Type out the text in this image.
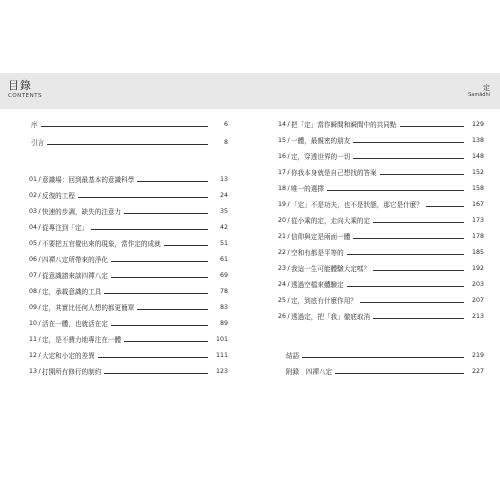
目錄
CONTENTS
定
Samādhi
序	6
引言	8
01 / 意識場：回到最基本的意識科學	13
02 / 反復的工程	24
03 / 快速的步調，缺失的注意力	35
04 / 從專注到「定」	42
05 / 不要把五官覺出來的現象，當作定的成就	51
06 / 四禪八定所帶來的淨化	61
07 / 從意識譜來談四禪八定	69
08 / 定，承載意識的工具	78
09 / 定，其實比任何人想的都更簡單	83
10 / 活在一體，也就活在定	89
11 / 定，是不費力地專注在一體	101
12 / 大定和小定的差異	111
13 / 打開所有修行的制約	123
14 / 把「定」當作瞬間和瞬間中的共同點	129
15 / 一體，最親密的朋友	138
16 / 定，穿透世界的一切	148
17 / 你我本身就是自己想找的答案	152
18 / 唯一的選擇	158
19 / 「定」不是功夫，也不是狀態，那它是什麼？	167
20 / 從小乘的定，走向大乘的定	173
21 / 信仰與定是兩面一體	178
22 / 空和有都是平等的	185
23 / 我這一生可能體驗大定嗎？	192
24 / 透過空檔來體驗定	203
25 / 定，到底有什麼作用？	207
26 / 透過定，把「我」徹底取消	213
結語	219
附錄　四禪八定	227
